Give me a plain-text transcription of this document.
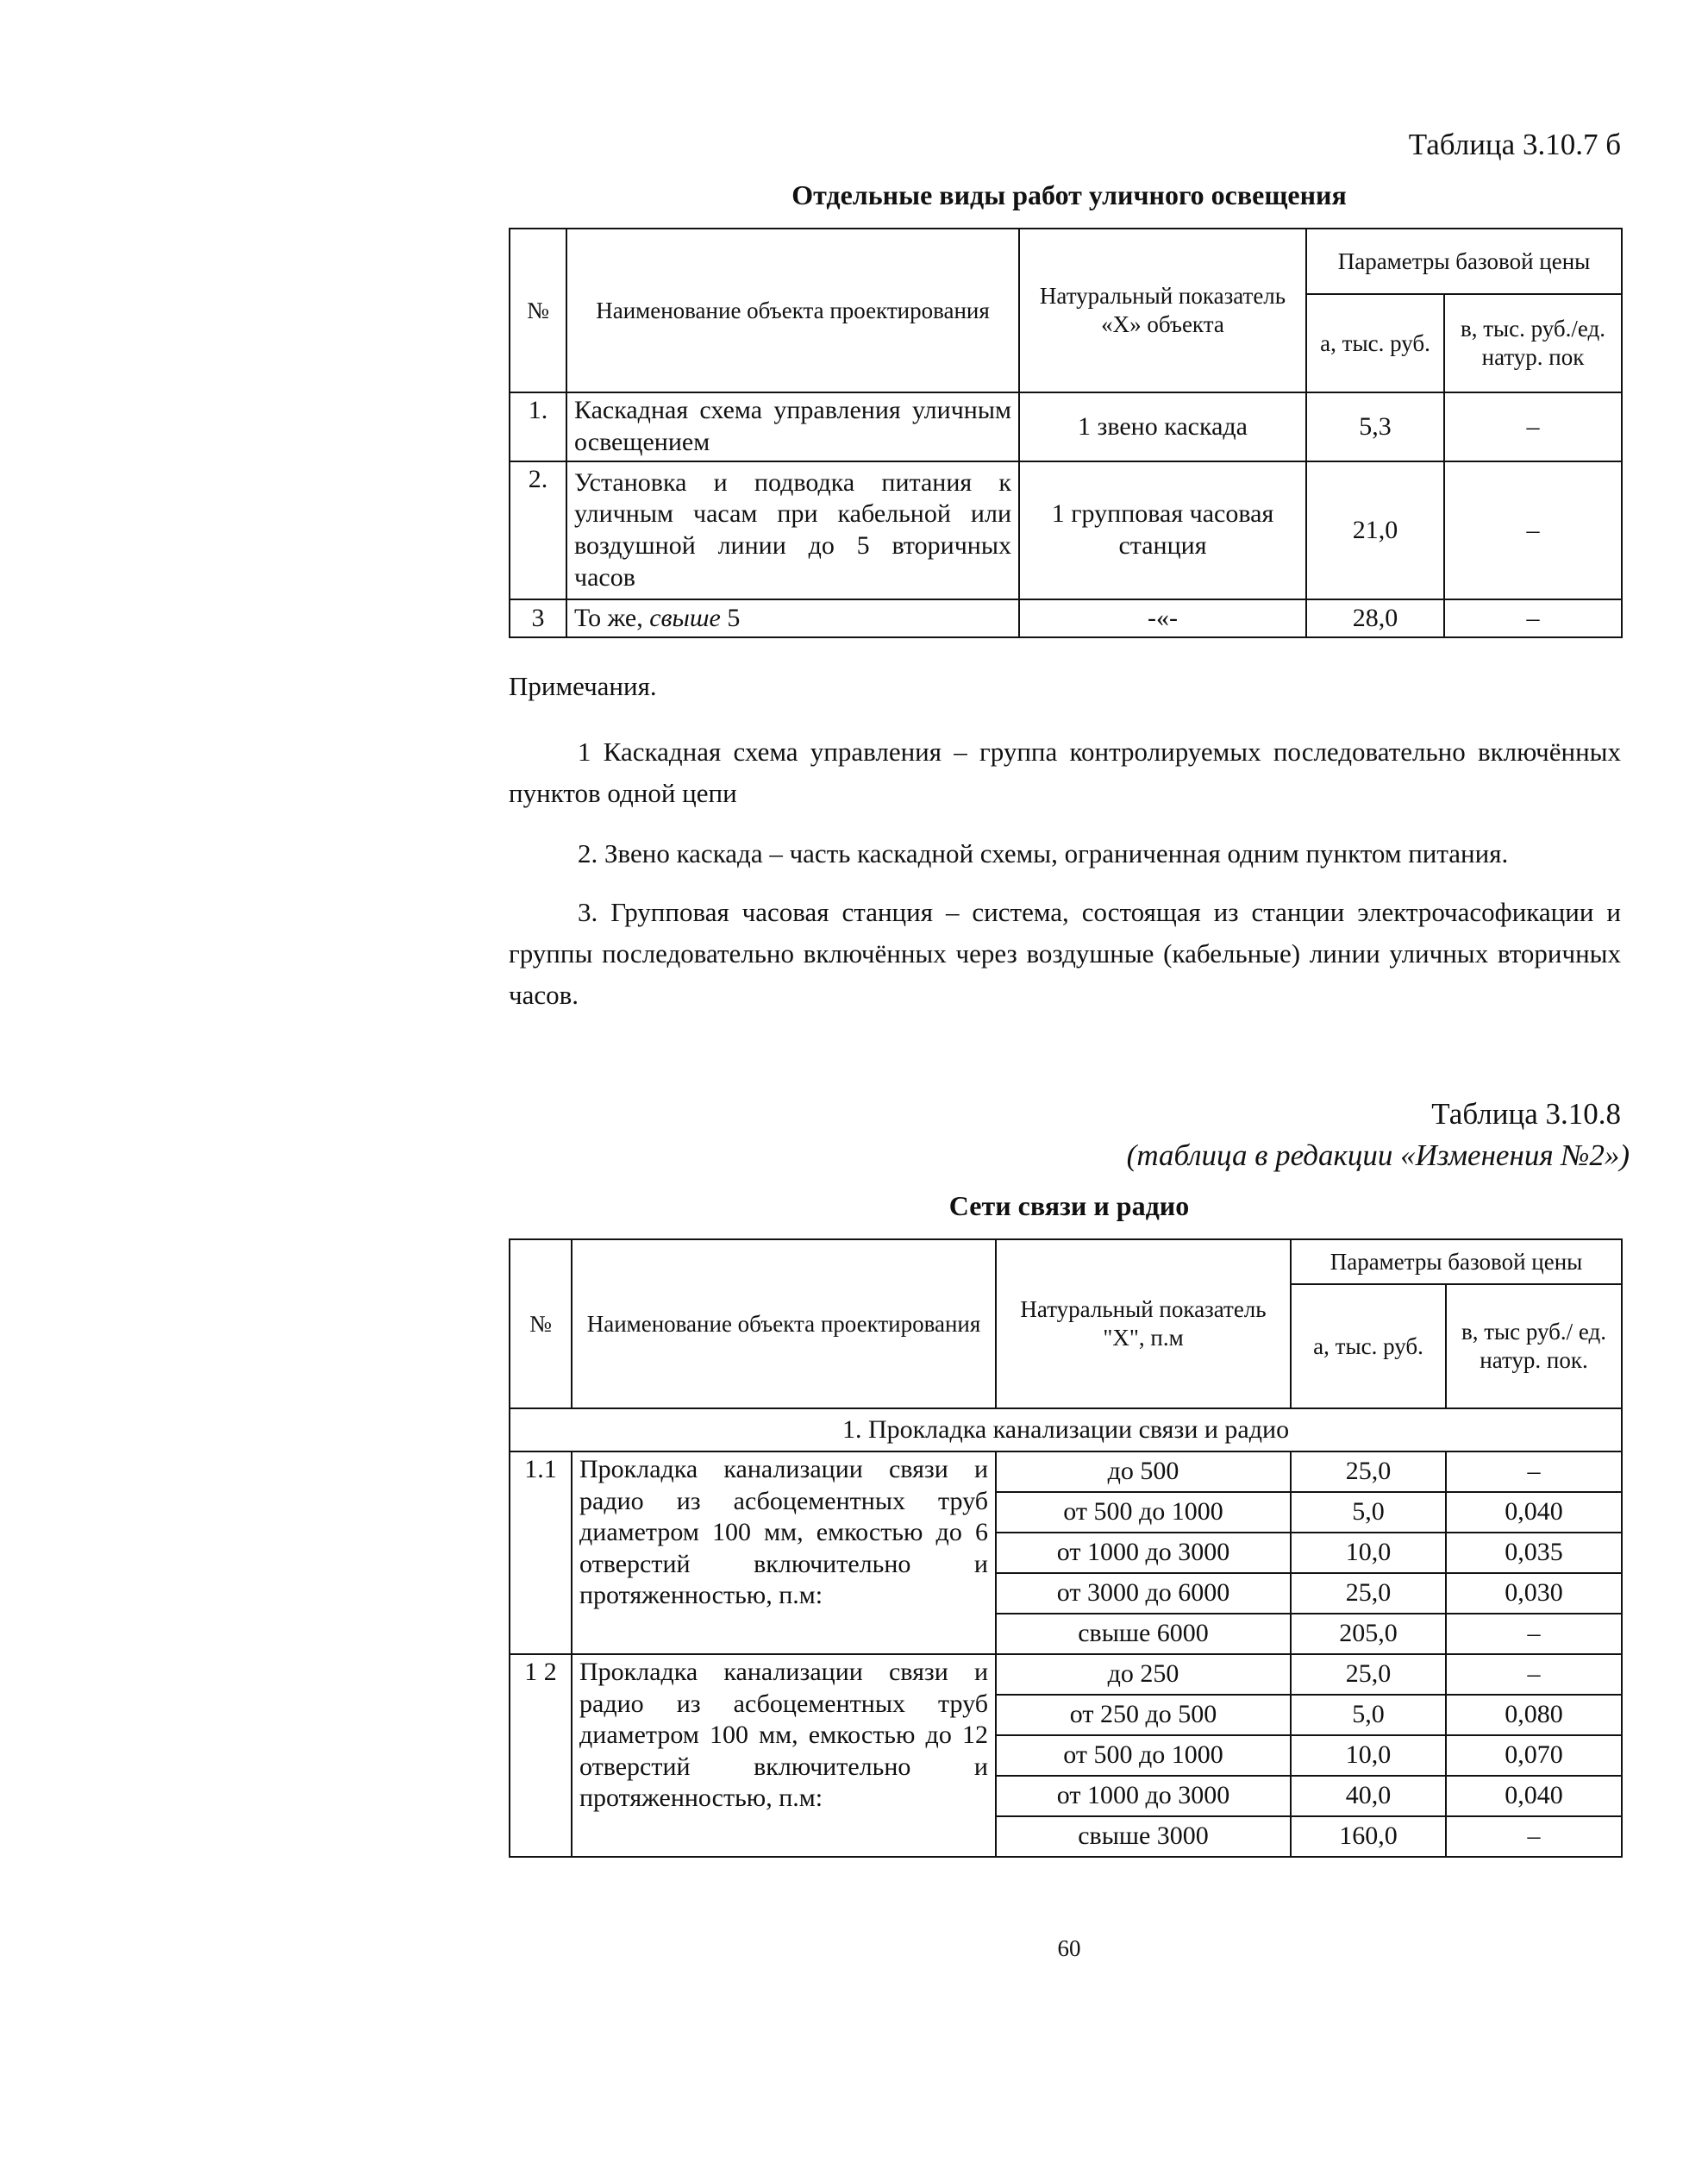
Таблица 3.10.7 б
Отдельные виды работ уличного освещения
№	Наименование объекта проектирования	Натуральный показатель «Х» объекта	Параметры базовой цены	
			а, тыс. руб.	в, тыс. руб./ед. натур. пок
1.	Каскадная схема управления уличным освещением	1 звено каскада	5,3	–
2.	Установка и подводка питания к уличным часам при кабельной или воздушной линии до 5 вторичных часов	1 групповая часовая станция	21,0	–
3	То же, свыше 5	-«-	28,0	–
Примечания.
1 Каскадная схема управления – группа контролируемых последовательно включённых пунктов одной цепи
2. Звено каскада – часть каскадной схемы, ограниченная одним пунктом питания.
3. Групповая часовая станция – система, состоящая из станции электрочасофикации и группы последовательно включённых через воздушные (кабельные) линии уличных вторичных часов.
Таблица 3.10.8
(таблица в редакции «Изменения №2»)
Сети связи и радио
№	Наименование объекта проектирования	Натуральный показатель "Х", п.м	Параметры базовой цены	
			а, тыс. руб.	в, тыс руб./ ед. натур. пок.
1. Прокладка канализации связи и радио				
1.1	Прокладка канализации связи и радио из асбоцементных труб диаметром 100 мм, емкостью до 6 отверстий включительно и протяженностью, п.м:	до 500	25,0	–
		от 500 до 1000	5,0	0,040
		от 1000 до 3000	10,0	0,035
		от 3000 до 6000	25,0	0,030
		свыше 6000	205,0	–
1 2	Прокладка канализации связи и радио из асбоцементных труб диаметром 100 мм, емкостью до 12 отверстий включительно и протяженностью, п.м:	до 250	25,0	–
		от 250 до 500	5,0	0,080
		от 500 до 1000	10,0	0,070
		от 1000 до 3000	40,0	0,040
		свыше 3000	160,0	–
60
